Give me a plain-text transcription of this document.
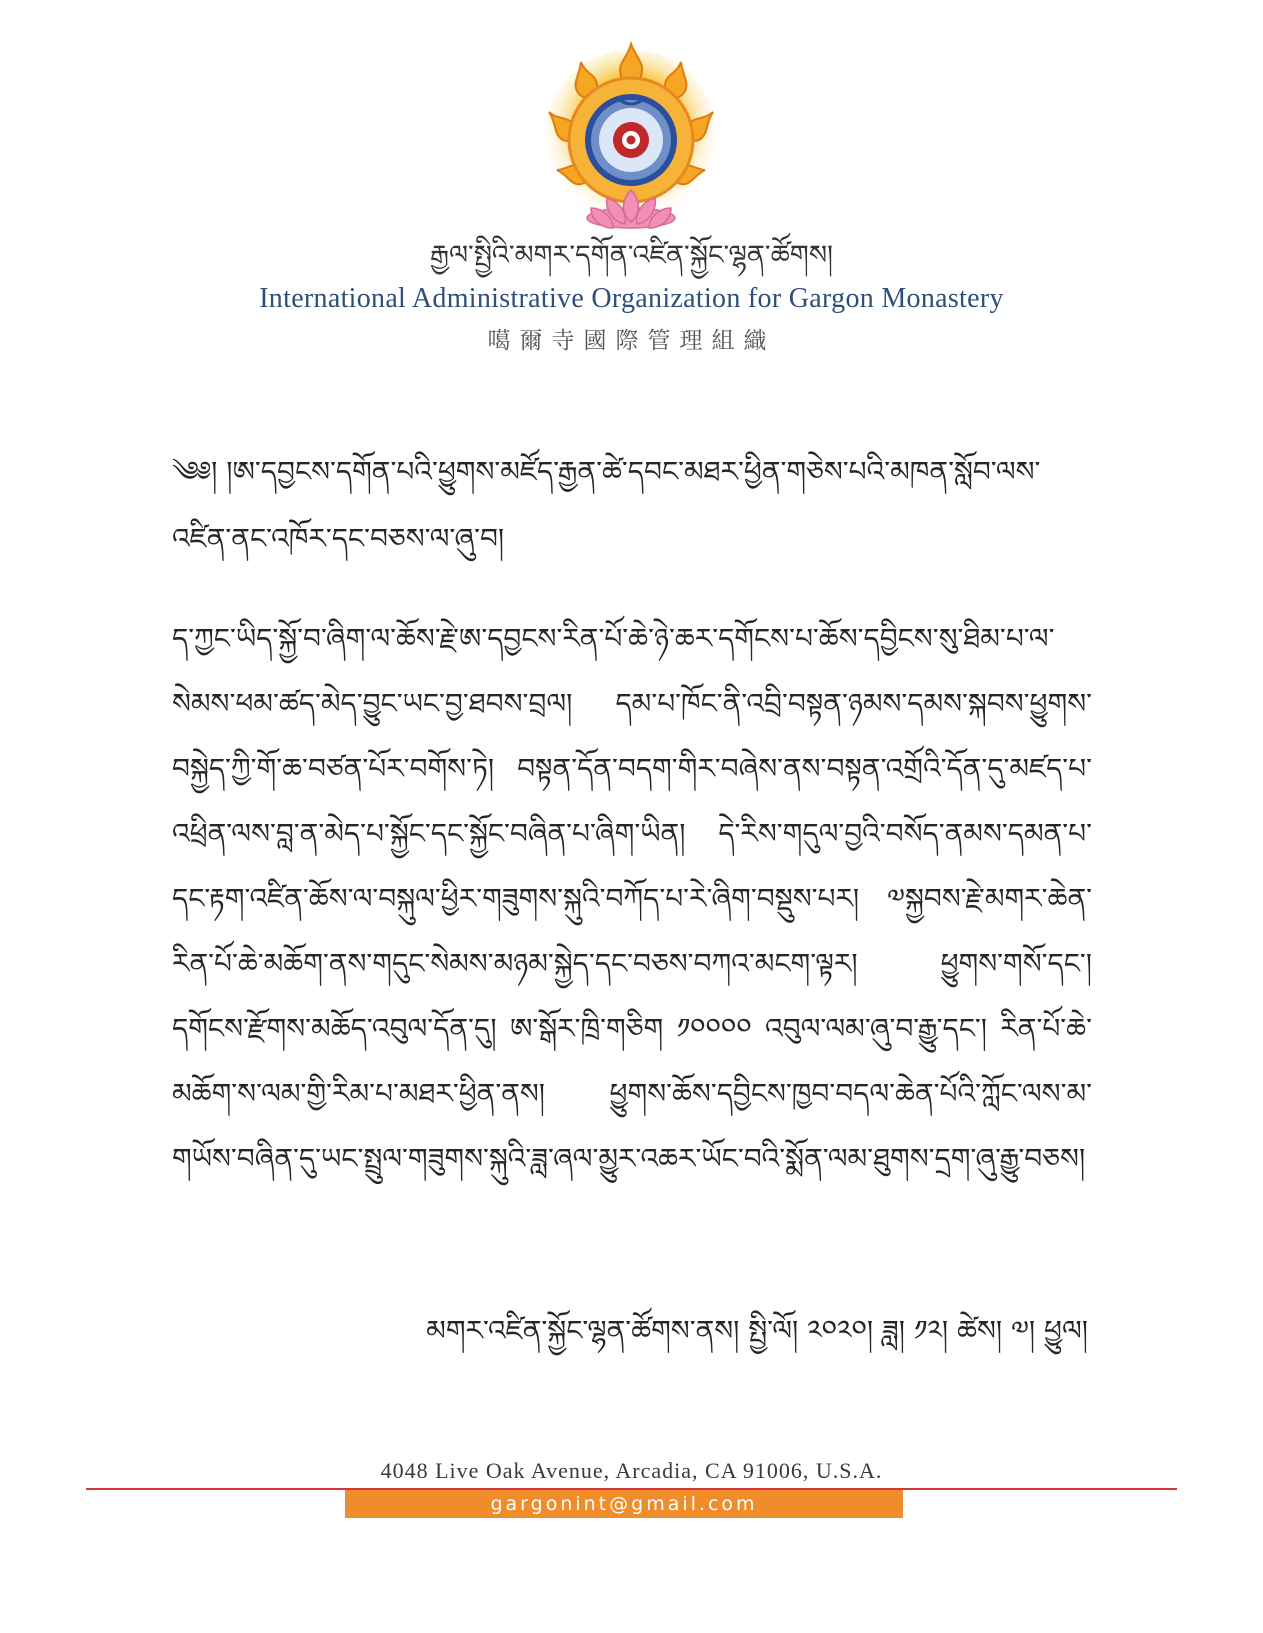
རྒྱལ་སྤྱིའི་མགར་དགོན་འཛིན་སྐྱོང་ལྷན་ཚོགས།
International Administrative Organization for Gargon Monastery
噶爾寺國際管理組織
༄༅། །ཨ་དབྱངས་དགོན་པའི་ཕྱུགས་མཛོད་རྒྱན་ཚེ་དབང་མཐར་ཕྱིན་གཅེས་པའི་མཁན་སློབ་ལས་འཛིན་ནང་འཁོར་དང་བཅས་ལ་ཞུ་བ།
ད་ཀྱང་ཡིད་སྐྱོ་བ་ཞིག་ལ་ཆོས་རྗེ་ཨ་དབྱངས་རིན་པོ་ཆེ་ཉེ་ཆར་དགོངས་པ་ཆོས་དབྱིངས་སུ་ཐིམ་པ་ལ་སེམས་ཕམ་ཚད་མེད་བྱུང་ཡང་བྱ་ཐབས་བྲལ། དམ་པ་ཁོང་ནི་འབྲི་བསྟན་ཉམས་དམས་སྐབས་ཕྱུགས་བསྐྱེད་ཀྱི་གོ་ཆ་བཙན་པོར་བགོས་ཏེ། བསྟན་དོན་བདག་གིར་བཞེས་ནས་བསྟན་འགྲོའི་དོན་དུ་མཛད་པ་འཕྲིན་ལས་བླ་ན་མེད་པ་སྐྱོང་དང་སྐྱོང་བཞིན་པ་ཞིག་ཡིན། དེ་རིས་གདུལ་བྱའི་བསོད་ནམས་དམན་པ་དང་རྟག་འཛིན་ཆོས་ལ་བསྐུལ་ཕྱིར་གཟུགས་སྐུའི་བཀོད་པ་རེ་ཞིག་བསྡུས་པར། ༧སྐྱབས་རྗེ་མགར་ཆེན་རིན་པོ་ཆེ་མཆོག་ནས་གདུང་སེམས་མཉམ་སྐྱེད་དང་བཅས་བཀའ་མངག་ལྟར། ཕྱུགས་གསོ་དང་། དགོངས་རྫོགས་མཆོད་འབུལ་དོན་དུ། ཨ་སྒོར་ཁྲི་གཅིག ༡༠༠༠༠ འབུལ་ལམ་ཞུ་བ་རྒྱུ་དང་། རིན་པོ་ཆེ་མཆོག་ས་ལམ་གྱི་རིམ་པ་མཐར་ཕྱིན་ནས། ཕྱུགས་ཆོས་དབྱིངས་ཁྱབ་བདལ་ཆེན་པོའི་ཀློང་ལས་མ་གཡོས་བཞིན་དུ་ཡང་སྤྲུལ་གཟུགས་སྐུའི་ཟླ་ཞལ་མྱུར་འཆར་ཡོང་བའི་སྨོན་ལམ་ཐུགས་དྲག་ཞུ་རྒྱུ་བཅས།
མགར་འཛིན་སྐྱོང་ལྷན་ཚོགས་ནས། སྤྱི་ལོ། ༢༠༢༠། ཟླ། ༡༢། ཚེས། ༧། ཕྱུལ།
4048 Live Oak Avenue, Arcadia, CA 91006, U.S.A.
gargonint@gmail.com
